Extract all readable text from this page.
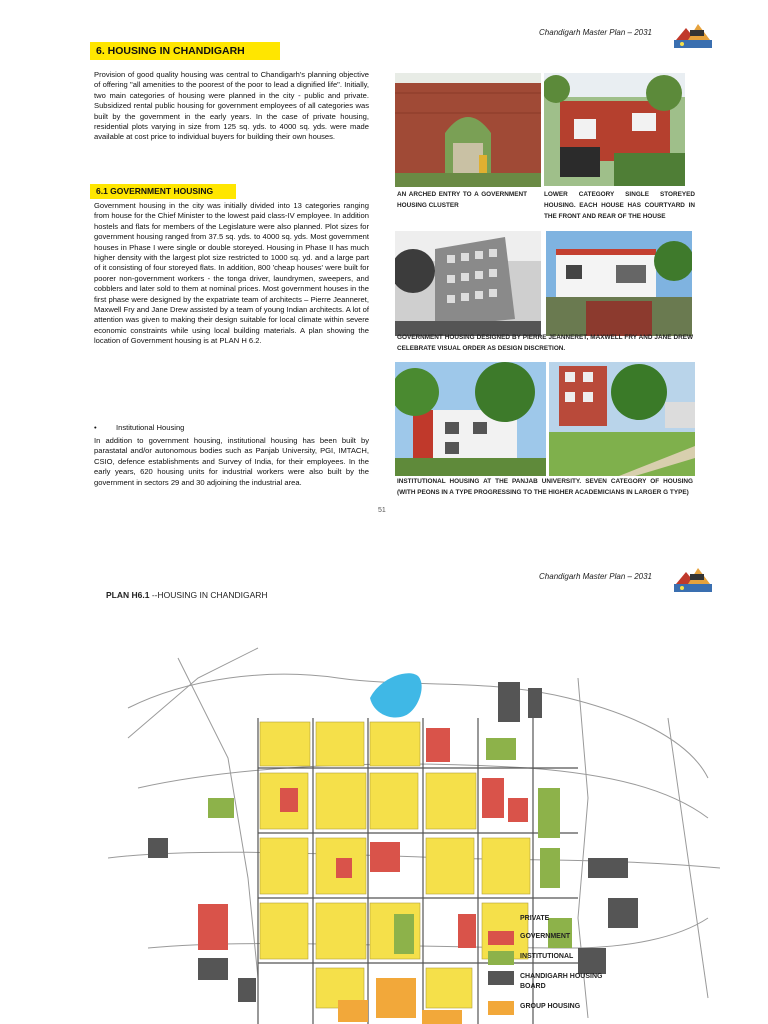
Chandigarh Master Plan – 2031
6. HOUSING IN CHANDIGARH

Provision of good quality housing was central to Chandigarh's planning objective of offering "all amenities to the poorest of the poor to lead a dignified life". Initially, two main categories of housing were planned in the city - public and private. Subsidized rental public housing for government employees of all categories was built by the government in the early years. In the case of private housing, residential plots varying in size from 125 sq. yds. to 4000 sq. yds. were made available at cost price to individual buyers for building their own houses.

6.1 GOVERNMENT HOUSING

Government housing in the city was initially divided into 13 categories ranging from house for the Chief Minister to the lowest paid class-IV employee. In addition hostels and flats for members of the Legislature were also planned. Plot sizes for government housing ranged from 37.5 sq. yds. to 4000 sq. yds. Most government houses in Phase I were single or double storeyed. Housing in Phase II has much higher density with the largest plot size restricted to 1000 sq. yd. and a large part of it consisting of four storeyed flats. In addition, 800 'cheap houses' were built for poorer non-government workers - the tonga driver, laundrymen, sweepers, and cobblers and later sold to them at nominal prices. Most government houses in the first phase were designed by the expatriate team of architects – Pierre Jeanneret, Maxwell Fry and Jane Drew assisted by a team of young Indian architects. A lot of attention was given to making their design suitable for local climate within severe economic constraints while using local building materials. A plan showing the location of Government housing is at PLAN H 6.2.

•	Institutional Housing

In addition to government housing, institutional housing has been built by parastatal and/or autonomous bodies such as Panjab University, PGI, IMTACH, CSIO, defence establishments and Survey of India, for their employees. In the early years, 620 housing units for industrial workers were also built by the government in sectors 29 and 30 adjoining the industrial area.

51
AN ARCHED ENTRY TO A GOVERNMENT HOUSING CLUSTER
LOWER CATEGORY SINGLE STOREYED HOUSING. EACH HOUSE HAS COURTYARD IN THE FRONT AND REAR OF THE HOUSE
GOVERNMENT HOUSING DESIGNED BY PIERRE JEANNERET, MAXWELL FRY AND JANE DREW CELEBRATE VISUAL ORDER AS DESIGN DISCRETION.
INSTITUTIONAL HOUSING AT THE PANJAB UNIVERSITY. SEVEN CATEGORY OF HOUSING (WITH PEONS IN A TYPE PROGRESSING TO THE HIGHER ACADEMICIANS IN LARGER G TYPE)
Chandigarh Master Plan – 2031
PLAN H6.1 --HOUSING IN CHANDIGARH
PRIVATE
GOVERNMENT
INSTITUTIONAL
CHANDIGARH HOUSING BOARD
GROUP HOUSING
